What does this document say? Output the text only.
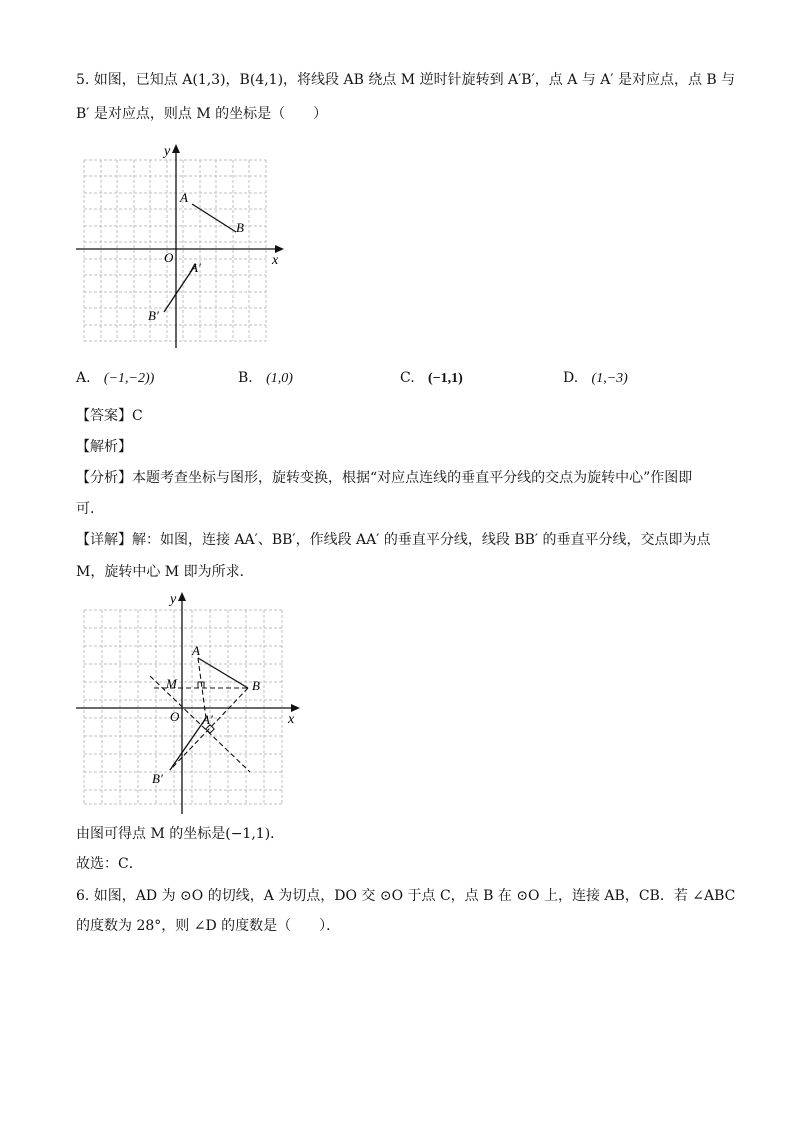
5. 如图，已知点 A(1,3)，B(4,1)，将线段 AB 绕点 M 逆时针旋转到 A′B′，点 A 与 A′ 是对应点，点 B 与
B′ 是对应点，则点 M 的坐标是（　　）
y
x
O
A
B
A′
B′
A. (−1,−2))	B. (1,0)	C. (−1,1)	D. (1,−3)
【答案】C
【解析】
【分析】本题考查坐标与图形，旋转变换，根据“对应点连线的垂直平分线的交点为旋转中心”作图即
可．
【详解】解：如图，连接 AA′、BB′，作线段 AA′ 的垂直平分线，线段 BB′ 的垂直平分线，交点即为点
M，旋转中心 M 即为所求．
y
x
O
A
B
M
A′
B′
由图可得点 M 的坐标是(−1,1)．
故选：C．
6. 如图，AD 为 ⊙O 的切线，A 为切点，DO 交 ⊙O 于点 C，点 B 在 ⊙O 上，连接 AB，CB．若 ∠ABC
的度数为 28°，则 ∠D 的度数是（　　）．
